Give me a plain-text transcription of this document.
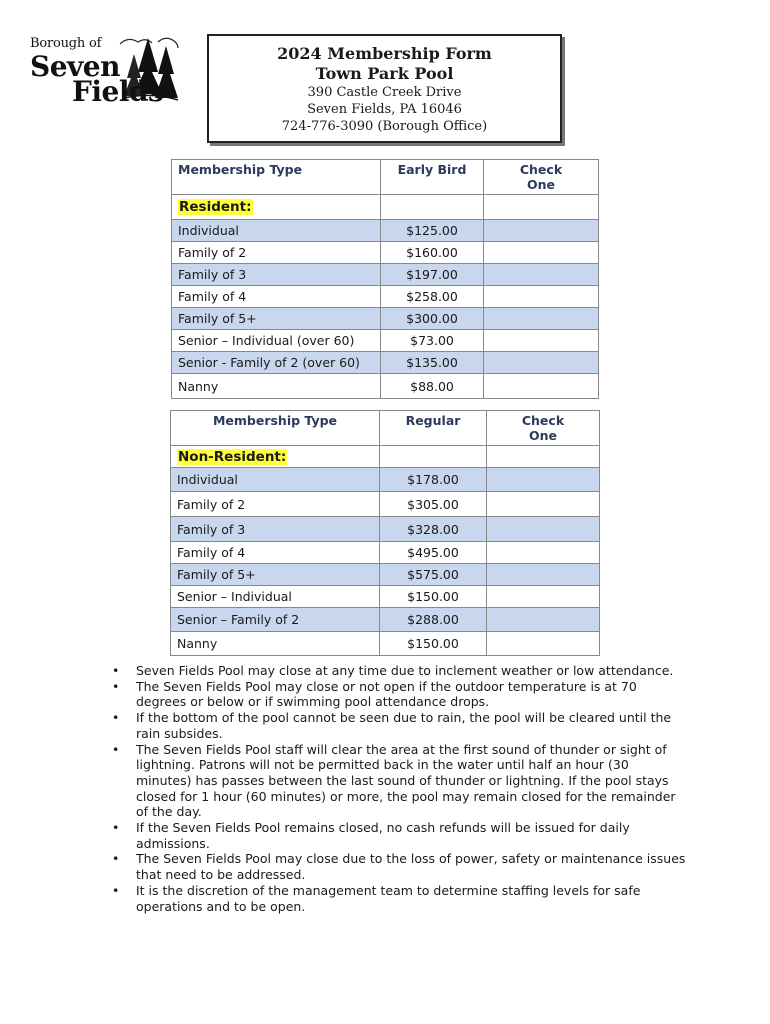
Borough of
Seven
Fields
2024 Membership Form
Town Park Pool
390 Castle Creek Drive
Seven Fields, PA 16046
724-776-3090 (Borough Office)
Membership Type	Early Bird	Check
One
Resident:		
Individual	$125.00	
Family of 2	$160.00	
Family of 3	$197.00	
Family of 4	$258.00	
Family of 5+	$300.00	
Senior – Individual (over 60)	$73.00	
Senior - Family of 2 (over 60)	$135.00	
Nanny	$88.00	
Membership Type	Regular	Check
One
Non-Resident:		
Individual	$178.00	
Family of 2	$305.00	
Family of 3	$328.00	
Family of 4	$495.00	
Family of 5+	$575.00	
Senior – Individual	$150.00	
Senior – Family of 2	$288.00	
Nanny	$150.00	
• Seven Fields Pool may close at any time due to inclement weather or low attendance.
• The Seven Fields Pool may close or not open if the outdoor temperature is at 70 degrees or below or if swimming pool attendance drops.
• If the bottom of the pool cannot be seen due to rain, the pool will be cleared until the rain subsides.
• The Seven Fields Pool staff will clear the area at the first sound of thunder or sight of lightning. Patrons will not be permitted back in the water until half an hour (30 minutes) has passes between the last sound of thunder or lightning. If the pool stays closed for 1 hour (60 minutes) or more, the pool may remain closed for the remainder of the day.
• If the Seven Fields Pool remains closed, no cash refunds will be issued for daily admissions.
• The Seven Fields Pool may close due to the loss of power, safety or maintenance issues that need to be addressed.
• It is the discretion of the management team to determine staffing levels for safe operations and to be open.
